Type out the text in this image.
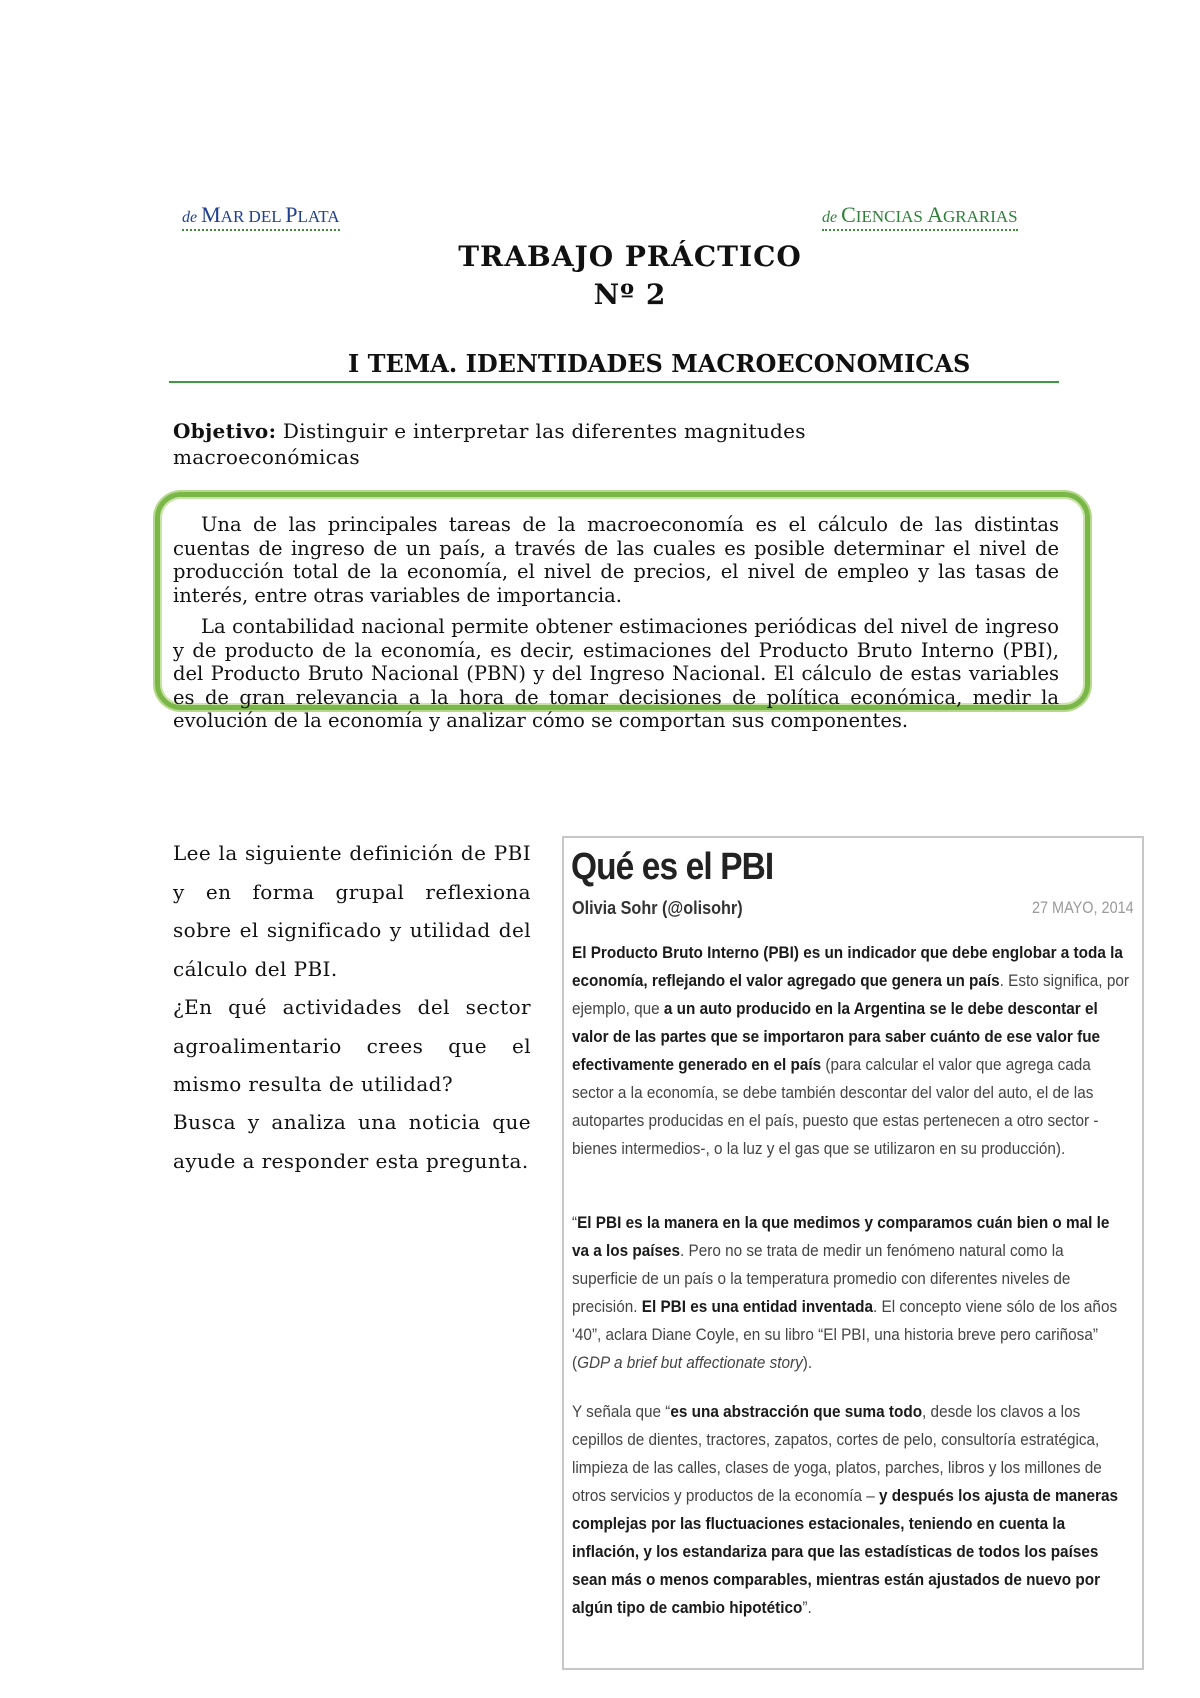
de MAR DEL PLATA	de CIENCIAS AGRARIAS
TRABAJO PRÁCTICO
Nº 2
I TEMA. IDENTIDADES MACROECONOMICAS
Objetivo: Distinguir e interpretar las diferentes magnitudes macroeconómicas
Una de las principales tareas de la macroeconomía es el cálculo de las distintas cuentas de ingreso de un país, a través de las cuales es posible determinar el nivel de producción total de la economía, el nivel de precios, el nivel de empleo y las tasas de interés, entre otras variables de importancia.
La contabilidad nacional permite obtener estimaciones periódicas del nivel de ingreso y de producto de la economía, es decir, estimaciones del Producto Bruto Interno (PBI), del Producto Bruto Nacional (PBN) y del Ingreso Nacional. El cálculo de estas variables es de gran relevancia a la hora de tomar decisiones de política económica, medir la evolución de la economía y analizar cómo se comportan sus componentes.
Lee la siguiente definición de PBI y en forma grupal reflexiona sobre el significado y utilidad del cálculo del PBI.
¿En qué actividades del sector agroalimentario crees que el mismo resulta de utilidad?
Busca y analiza una noticia que ayude a responder esta pregunta.
Qué es el PBI
Olivia Sohr (@olisohr)	27 MAYO, 2014
El Producto Bruto Interno (PBI) es un indicador que debe englobar a toda la economía, reflejando el valor agregado que genera un país. Esto significa, por ejemplo, que a un auto producido en la Argentina se le debe descontar el valor de las partes que se importaron para saber cuánto de ese valor fue efectivamente generado en el país (para calcular el valor que agrega cada sector a la economía, se debe también descontar del valor del auto, el de las autopartes producidas en el país, puesto que estas pertenecen a otro sector -bienes intermedios-, o la luz y el gas que se utilizaron en su producción).
“El PBI es la manera en la que medimos y comparamos cuán bien o mal le va a los países. Pero no se trata de medir un fenómeno natural como la superficie de un país o la temperatura promedio con diferentes niveles de precisión. El PBI es una entidad inventada. El concepto viene sólo de los años '40”, aclara Diane Coyle, en su libro “El PBI, una historia breve pero cariñosa” (GDP a brief but affectionate story).
Y señala que “es una abstracción que suma todo, desde los clavos a los cepillos de dientes, tractores, zapatos, cortes de pelo, consultoría estratégica, limpieza de las calles, clases de yoga, platos, parches, libros y los millones de otros servicios y productos de la economía – y después los ajusta de maneras complejas por las fluctuaciones estacionales, teniendo en cuenta la inflación, y los estandariza para que las estadísticas de todos los países sean más o menos comparables, mientras están ajustados de nuevo por algún tipo de cambio hipotético”.
